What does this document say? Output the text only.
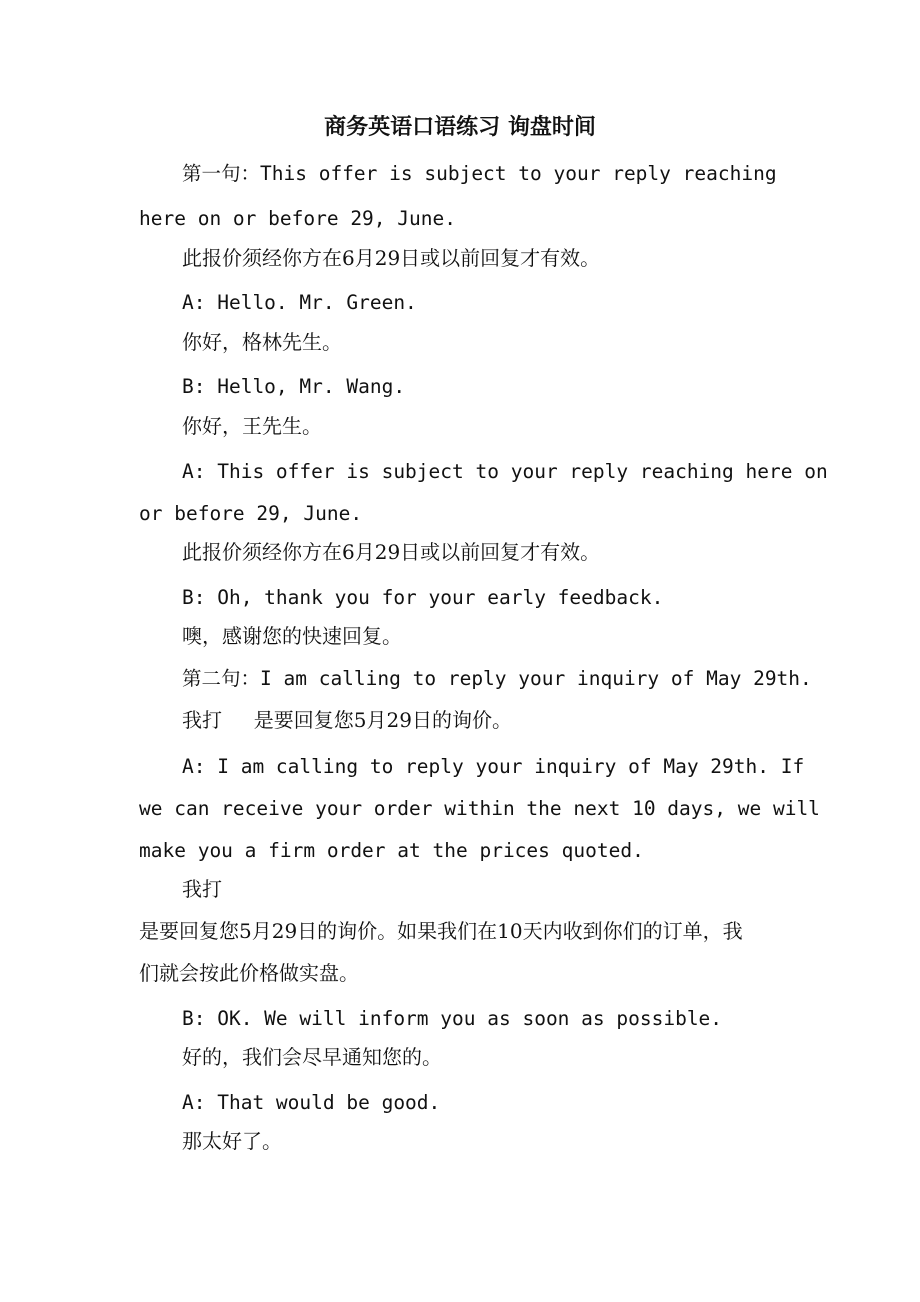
商务英语口语练习 询盘时间

第一句：This offer is subject to your reply reaching

here on or before 29, June.

此报价须经你方在6月29日或以前回复才有效。

A: Hello. Mr. Green.

你好，格林先生。

B: Hello, Mr. Wang.

你好，王先生。

A: This offer is subject to your reply reaching here on

or before 29, June.

此报价须经你方在6月29日或以前回复才有效。

B: Oh, thank you for your early feedback.

噢，感谢您的快速回复。

第二句：I am calling to reply your inquiry of May 29th.

我打     是要回复您5月29日的询价。

A: I am calling to reply your inquiry of May 29th. If

we can receive your order within the next 10 days, we will

make you a firm order at the prices quoted.

我打

是要回复您5月29日的询价。如果我们在10天内收到你们的订单，我

们就会按此价格做实盘。

B: OK. We will inform you as soon as possible.

好的，我们会尽早通知您的。

A: That would be good.

那太好了。
